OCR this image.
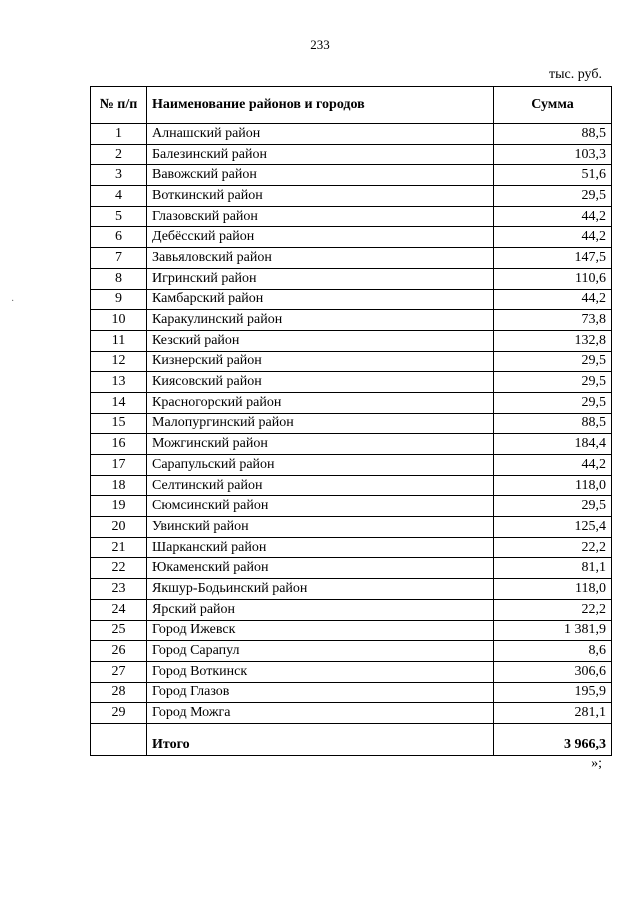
233
тыс. руб.
·
№ п/п	Наименование районов и городов	Сумма
1	Алнашский район	88,5
2	Балезинский район	103,3
3	Вавожский район	51,6
4	Воткинский район	29,5
5	Глазовский район	44,2
6	Дебёсский район	44,2
7	Завьяловский район	147,5
8	Игринский район	110,6
9	Камбарский район	44,2
10	Каракулинский район	73,8
11	Кезский район	132,8
12	Кизнерский район	29,5
13	Киясовский район	29,5
14	Красногорский район	29,5
15	Малопургинский район	88,5
16	Можгинский район	184,4
17	Сарапульский район	44,2
18	Селтинский район	118,0
19	Сюмсинский район	29,5
20	Увинский район	125,4
21	Шарканский район	22,2
22	Юкаменский район	81,1
23	Якшур-Бодьинский район	118,0
24	Ярский район	22,2
25	Город Ижевск	1 381,9
26	Город Сарапул	8,6
27	Город Воткинск	306,6
28	Город Глазов	195,9
29	Город Можга	281,1
	Итого	3 966,3
»;
